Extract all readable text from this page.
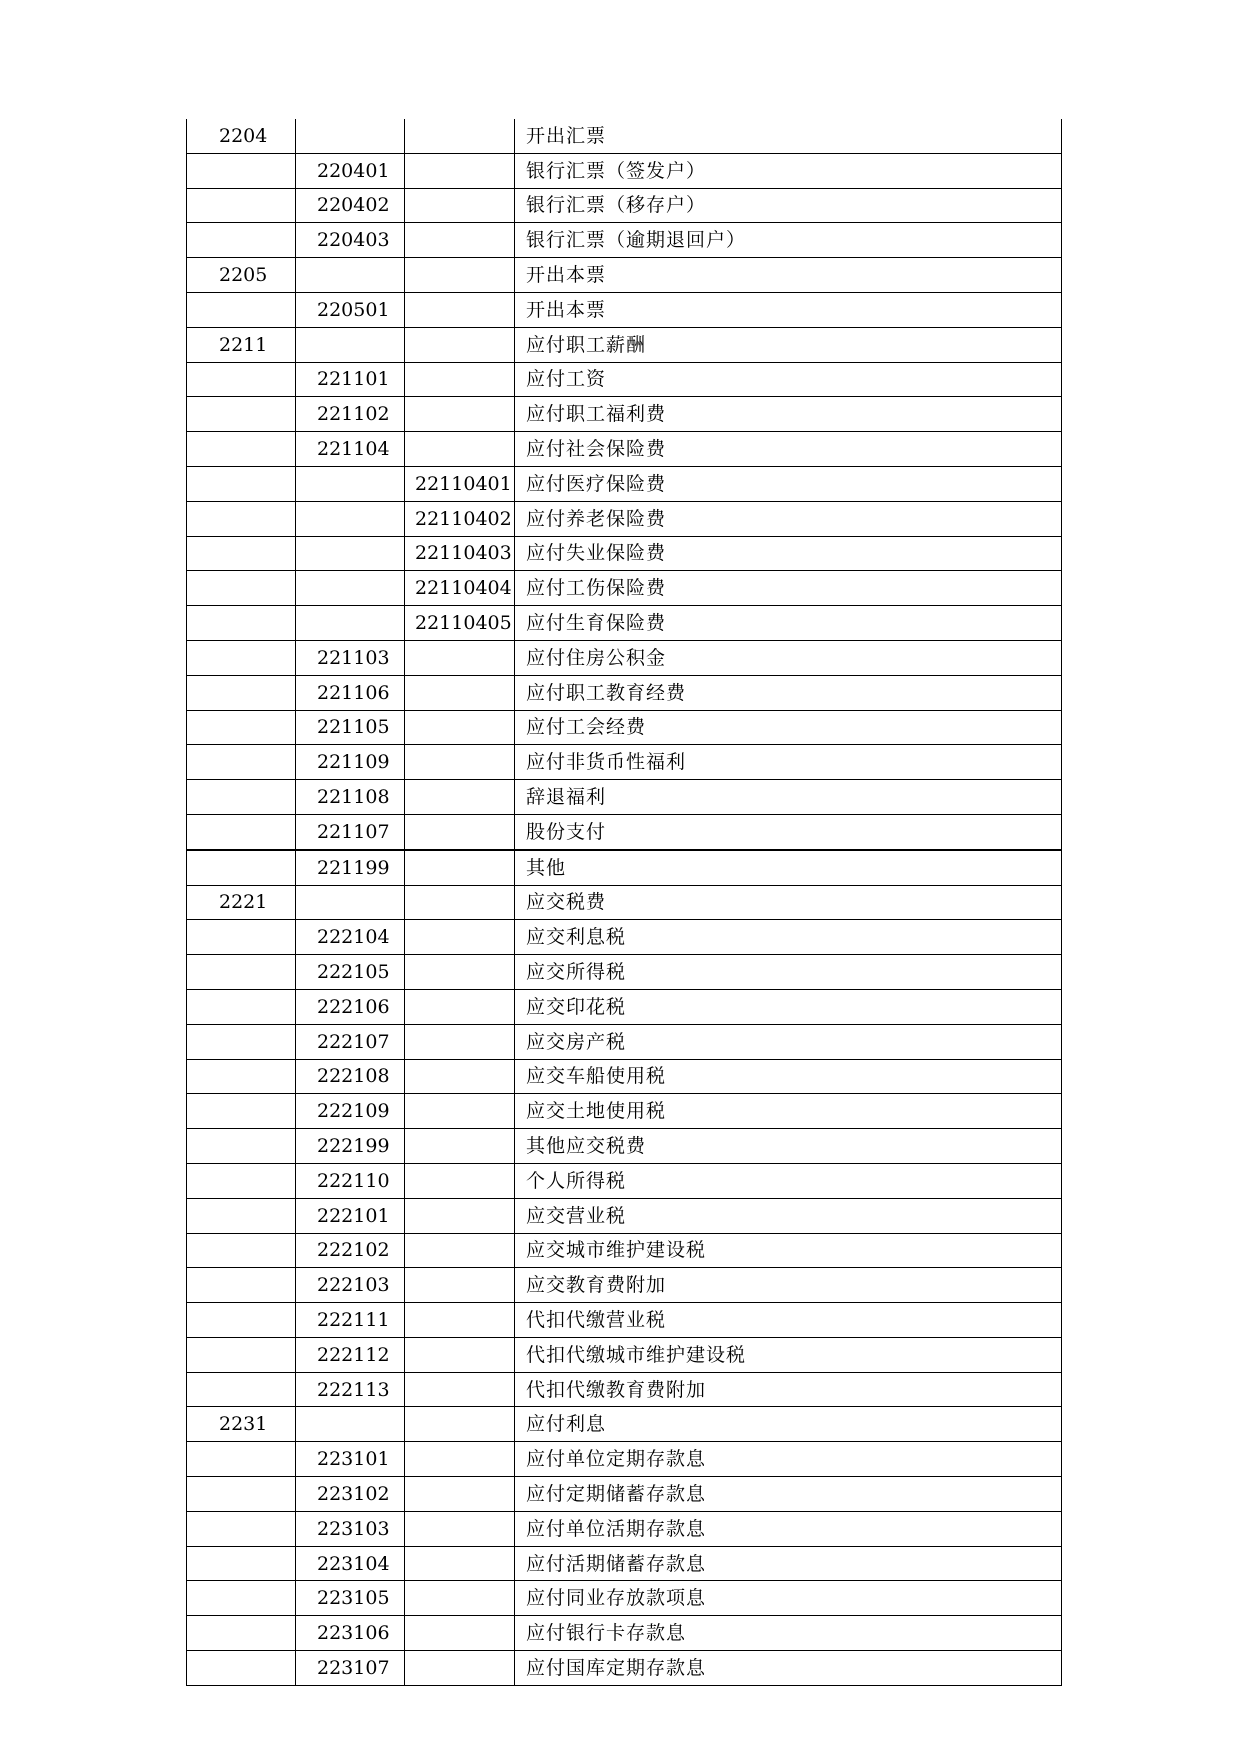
2204			开出汇票
	220401		银行汇票（签发户）
	220402		银行汇票（移存户）
	220403		银行汇票（逾期退回户）
2205			开出本票
	220501		开出本票
2211			应付职工薪酬
	221101		应付工资
	221102		应付职工福利费
	221104		应付社会保险费
		22110401	应付医疗保险费
		22110402	应付养老保险费
		22110403	应付失业保险费
		22110404	应付工伤保险费
		22110405	应付生育保险费
	221103		应付住房公积金
	221106		应付职工教育经费
	221105		应付工会经费
	221109		应付非货币性福利
	221108		辞退福利
	221107		股份支付
	221199		其他
2221			应交税费
	222104		应交利息税
	222105		应交所得税
	222106		应交印花税
	222107		应交房产税
	222108		应交车船使用税
	222109		应交土地使用税
	222199		其他应交税费
	222110		个人所得税
	222101		应交营业税
	222102		应交城市维护建设税
	222103		应交教育费附加
	222111		代扣代缴营业税
	222112		代扣代缴城市维护建设税
	222113		代扣代缴教育费附加
2231			应付利息
	223101		应付单位定期存款息
	223102		应付定期储蓄存款息
	223103		应付单位活期存款息
	223104		应付活期储蓄存款息
	223105		应付同业存放款项息
	223106		应付银行卡存款息
	223107		应付国库定期存款息
